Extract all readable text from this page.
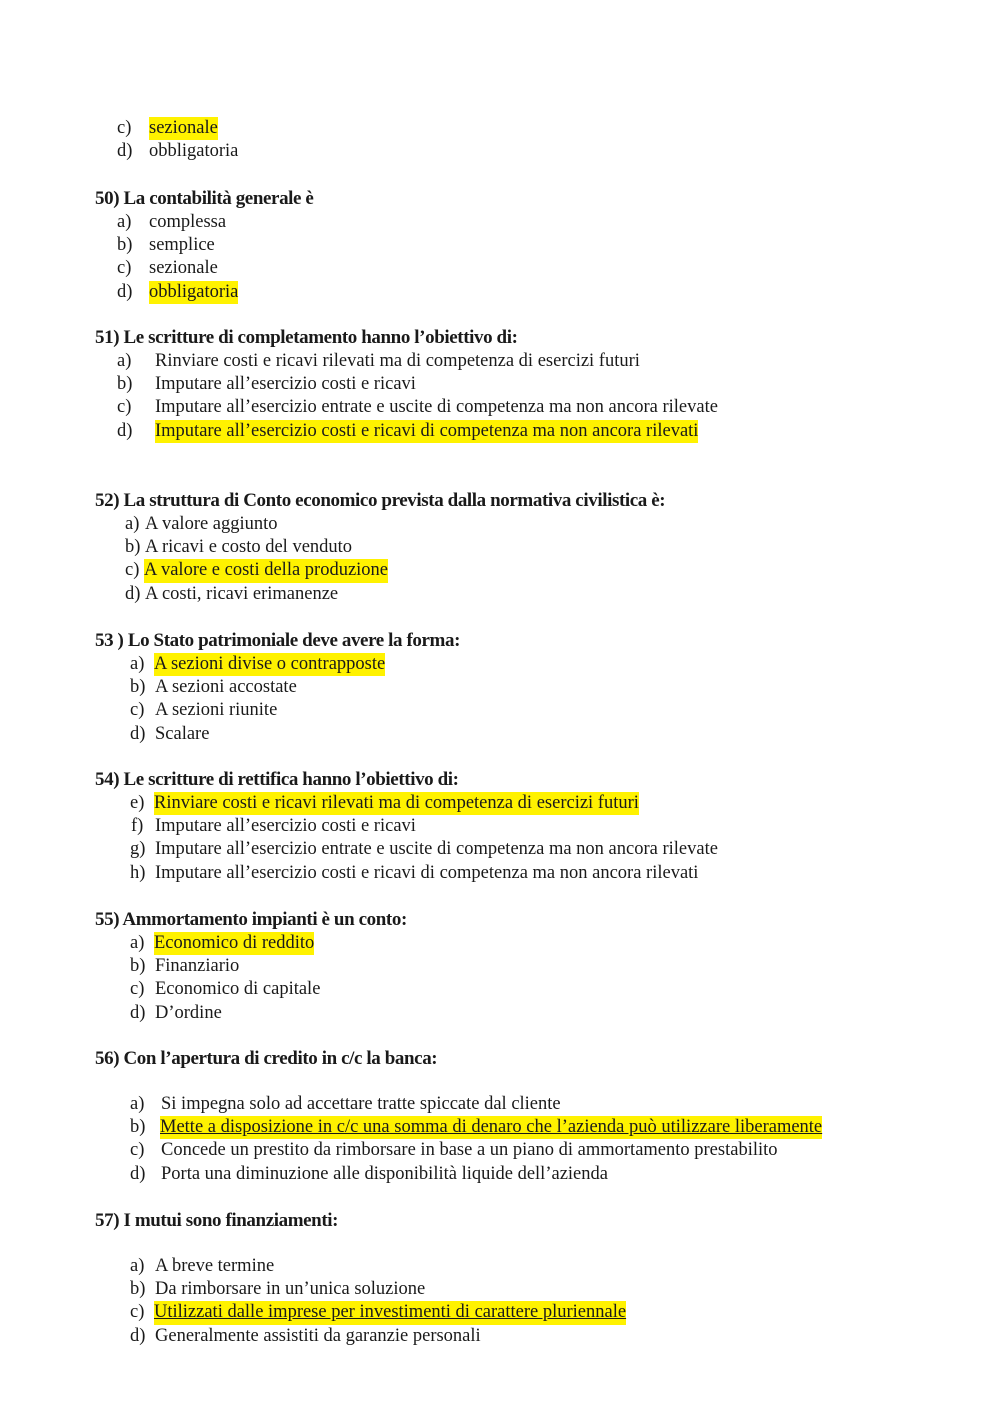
c) sezionale
d) obbligatoria
50) La contabilità generale è
a) complessa
b) semplice
c) sezionale
d) obbligatoria
51) Le scritture di completamento hanno l’obiettivo di:
a) Rinviare costi e ricavi rilevati ma di competenza di esercizi futuri
b) Imputare all’esercizio costi e ricavi
c) Imputare all’esercizio entrate e uscite di competenza ma non ancora rilevate
d) Imputare all’esercizio costi e ricavi di competenza ma non ancora rilevati
52) La struttura di Conto economico prevista dalla normativa civilistica è:
a) A valore aggiunto
b) A ricavi e costo del venduto
c) A valore e costi della produzione
d) A costi, ricavi erimanenze
53 ) Lo Stato patrimoniale deve avere la forma:
a) A sezioni divise o contrapposte
b) A sezioni accostate
c) A sezioni riunite
d) Scalare
54) Le scritture di rettifica hanno l’obiettivo di:
e) Rinviare costi e ricavi rilevati ma di competenza di esercizi futuri
f) Imputare all’esercizio costi e ricavi
g) Imputare all’esercizio entrate e uscite di competenza ma non ancora rilevate
h) Imputare all’esercizio costi e ricavi di competenza ma non ancora rilevati
55) Ammortamento impianti è un conto:
a) Economico di reddito
b) Finanziario
c) Economico di capitale
d) D’ordine
56) Con l’apertura di credito in c/c la banca:
a) Si impegna solo ad accettare tratte spiccate dal cliente
b) Mette a disposizione in c/c una somma di denaro che l’azienda può utilizzare liberamente
c) Concede un prestito da rimborsare in base a un piano di ammortamento prestabilito
d) Porta una diminuzione alle disponibilità liquide dell’azienda
57) I mutui sono finanziamenti:
a) A breve termine
b) Da rimborsare in un’unica soluzione
c) Utilizzati dalle imprese per investimenti di carattere pluriennale
d) Generalmente assistiti da garanzie personali
